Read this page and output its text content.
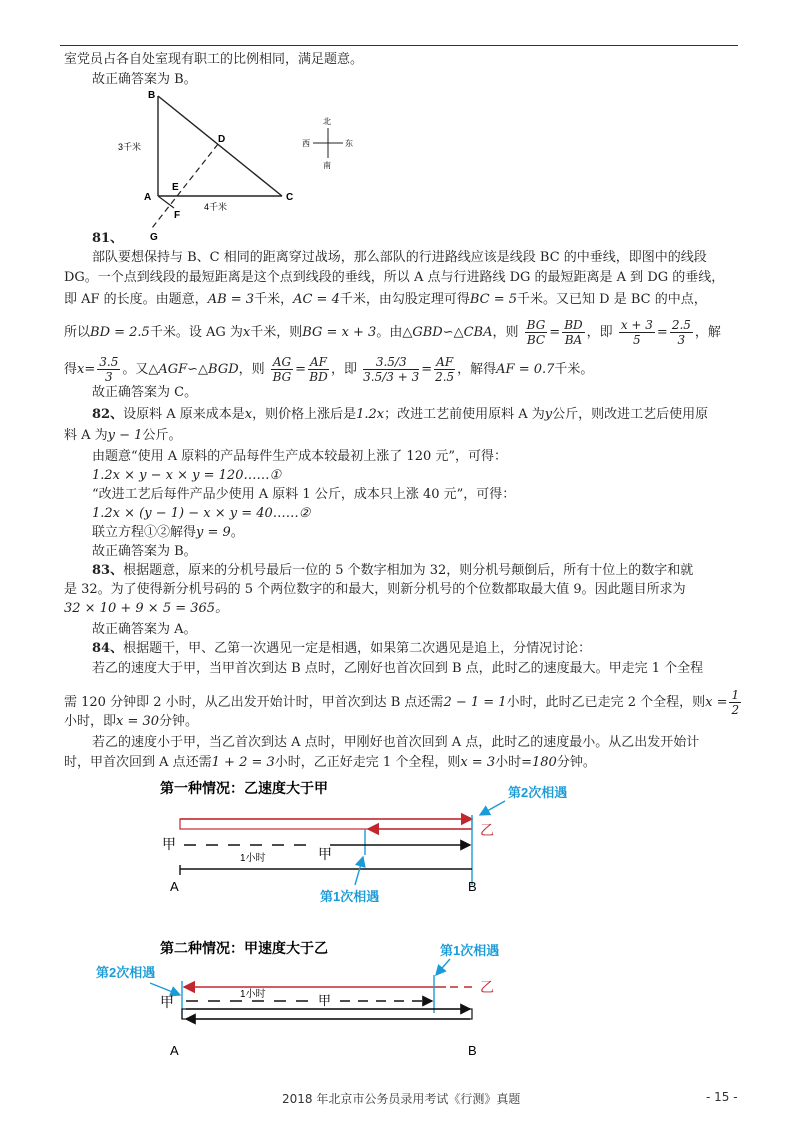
室党员占各自处室现有职工的比例相同，满足题意。
故正确答案为 B。
B
A	C
D
E
F
G
3千米
4千米
北
南
西	东
81、
部队要想保持与 B、C 相同的距离穿过战场，那么部队的行进路线应该是线段 BC 的中垂线，即图中的线段
DG。一个点到线段的最短距离是这个点到线段的垂线，所以 A 点与行进路线 DG 的最短距离是 A 到 DG 的垂线，
即 AF 的长度。由题意，AB = 3千米，AC = 4千米，由勾股定理可得BC = 5千米。又已知 D 是 BC 的中点，
所以BD = 2.5千米。设 AG 为x千米，则BG = x + 3。由△GBD∽△CBA，则 $\frac{BG}{BC} = \frac{BD}{BA}$ ，即 $\frac{x + 3}{5} = \frac{2.5}{3}$ ，解
得$x= \frac{3.5}{3}$ 。又△AGF∽△BGD，则 $\frac{AG}{BG} = \frac{AF}{BD}$ ，即 $\frac{3.5/3}{3.5/3 + 3} = \frac{AF}{2.5}$ ，解得AF = 0.7千米。
故正确答案为 C。
82、设原料 A 原来成本是x，则价格上涨后是1.2x；改进工艺前使用原料 A 为y公斤，则改进工艺后使用原
料 A 为y − 1公斤。
由题意“使用 A 原料的产品每件生产成本较最初上涨了 120 元”，可得：
1.2x × y − x × y = 120……①
“改进工艺后每件产品少使用 A 原料 1 公斤，成本只上涨 40 元”，可得：
1.2x × (y − 1) − x × y = 40……②
联立方程①②解得y = 9。
故正确答案为 B。
83、根据题意，原来的分机号最后一位的 5 个数字相加为 32，则分机号颠倒后，所有十位上的数字和就
是 32。为了使得新分机号码的 5 个两位数字的和最大，则新分机号的个位数都取最大值 9。因此题目所求为
32 × 10 + 9 × 5 = 365。
故正确答案为 A。
84、根据题干，甲、乙第一次遇见一定是相遇，如果第二次遇见是追上，分情况讨论：
若乙的速度大于甲，当甲首次到达 B 点时，乙刚好也首次回到 B 点，此时乙的速度最大。甲走完 1 个全程
需 120 分钟即 2 小时，从乙出发开始计时，甲首次到达 B 点还需2 − 1 = 1小时，此时乙已走完 2 个全程，则$x = \frac{1}{2}$
小时，即x = 30分钟。
若乙的速度小于甲，当乙首次到达 A 点时，甲刚好也首次回到 A 点，此时乙的速度最小。从乙出发开始计
时，甲首次回到 A 点还需1 + 2 = 3小时，乙正好走完 1 个全程，则x = 3小时=180分钟。
第一种情况：乙速度大于甲	第2次相遇
乙
甲
甲
1小时
A	B
第1次相遇
第二种情况：甲速度大于乙	第1次相遇
第2次相遇
乙
甲	甲
1小时
A	B
2018 年北京市公务员录用考试《行测》真题	- 15 -
